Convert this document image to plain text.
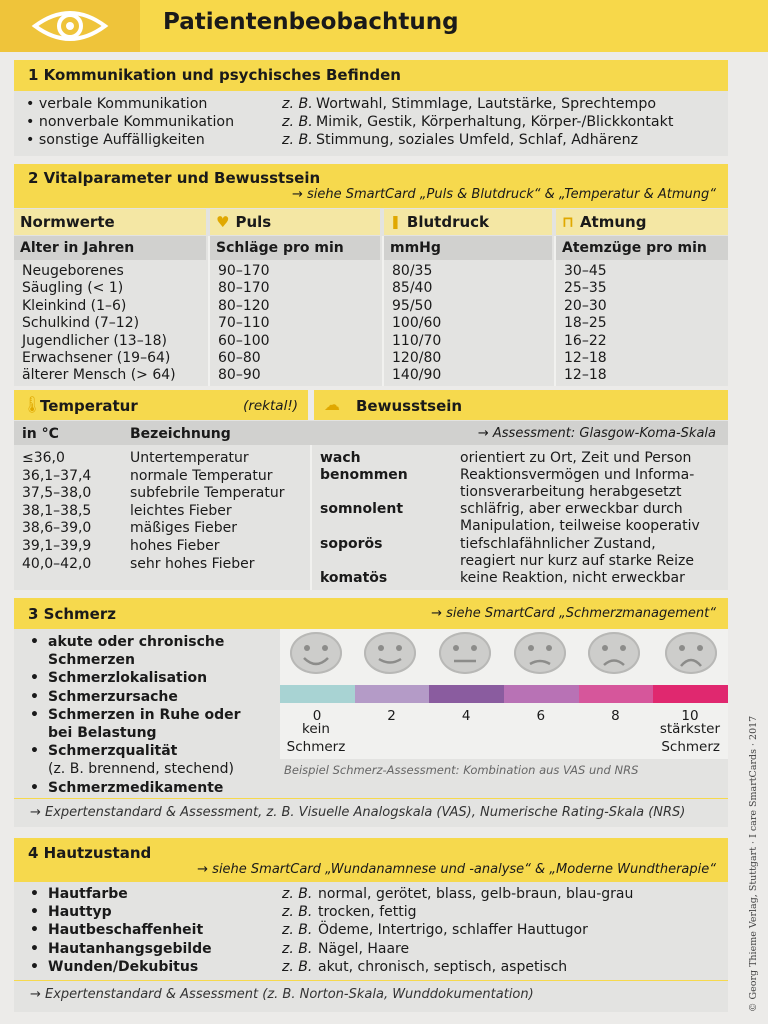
Patientenbeobachtung
1 Kommunikation und psychisches Befinden
• verbale Kommunikation	z. B. Wortwahl, Stimmlage, Lautstärke, Sprechtempo
• nonverbale Kommunikation	z. B. Mimik, Gestik, Körperhaltung, Körper-/Blickkontakt
• sonstige Auffälligkeiten	z. B. Stimmung, soziales Umfeld, Schlaf, Adhärenz
2 Vitalparameter und Bewusstsein
→ siehe SmartCard „Puls & Blutdruck“ & „Temperatur & Atmung“
Normwerte	♥ Puls	❚ Blutdruck	⊓ Atmung
Alter in Jahren	Schläge pro min	mmHg	Atemzüge pro min
Neugeborenes	90–170	80/35	30–45
Säugling (< 1)	80–170	85/40	25–35
Kleinkind (1–6)	80–120	95/50	20–30
Schulkind (7–12)	70–110	100/60	18–25
Jugendlicher (13–18)	60–100	110/70	16–22
Erwachsener (19–64)	60–80	120/80	12–18
älterer Mensch (> 64)	80–90	140/90	12–18
🌡
Temperatur	(rektal!) ☁ Bewusstsein
in °C	Bezeichnung	→ Assessment: Glasgow-Koma-Skala
≤36,0	Untertemperatur
36,1–37,4	normale Temperatur
37,5–38,0	subfebrile Temperatur
38,1–38,5	leichtes Fieber
38,6–39,0	mäßiges Fieber
39,1–39,9	hohes Fieber
40,0–42,0	sehr hohes Fieber
wach	orientiert zu Ort, Zeit und Person
benommen	Reaktionsvermögen und Informa-
tionsverarbeitung herabgesetzt
somnolent	schläfrig, aber erweckbar durch
Manipulation, teilweise kooperativ
soporös	tiefschlafähnlicher Zustand,
reagiert nur kurz auf starke Reize
komatös	keine Reaktion, nicht erweckbar
3 Schmerz	→ siehe SmartCard „Schmerzmanagement“
• akute oder chronische
Schmerzen
• Schmerzlokalisation
• Schmerzursache
• Schmerzen in Ruhe oder
bei Belastung
• Schmerzqualität
(z. B. brennend, stechend)
• Schmerzmedikamente
0	2	4	6	8	10
kein
Schmerz
stärkster
Schmerz
Beispiel Schmerz-Assessment: Kombination aus VAS und NRS
→ Expertenstandard & Assessment, z. B. Visuelle Analogskala (VAS), Numerische Rating-Skala (NRS)
4 Hautzustand
→ siehe SmartCard „Wundanamnese und -analyse“ & „Moderne Wundtherapie“
• Hautfarbe	z. B. normal, gerötet, blass, gelb-braun, blau-grau
• Hauttyp	z. B. trocken, fettig
• Hautbeschaffenheit	z. B. Ödeme, Intertrigo, schlaffer Hauttugor
• Hautanhangsgebilde	z. B. Nägel, Haare
• Wunden/Dekubitus	z. B. akut, chronisch, septisch, aspetisch
→ Expertenstandard & Assessment (z. B. Norton-Skala, Wunddokumentation)	© Georg Thieme Verlag, Stuttgart · I care SmartCards · 2017
